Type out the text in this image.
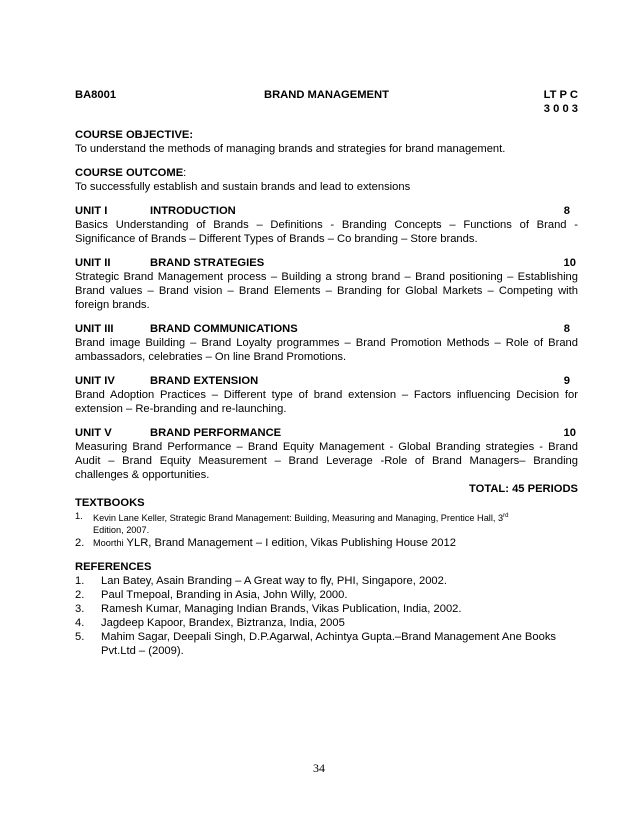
BA8001	BRAND MANAGEMENT	LT P C
3 0 0 3
COURSE OBJECTIVE:
To understand the methods of managing brands and strategies for brand management.
COURSE OUTCOME:
To successfully establish and sustain brands and lead to extensions
UNIT I	INTRODUCTION	8
Basics Understanding of Brands – Definitions - Branding Concepts – Functions of Brand - Significance of Brands – Different Types of Brands – Co branding – Store brands.
UNIT II	BRAND STRATEGIES	10
Strategic Brand Management process – Building a strong brand – Brand positioning – Establishing Brand values – Brand vision – Brand Elements – Branding for Global Markets – Competing with foreign brands.
UNIT III	BRAND COMMUNICATIONS	8
Brand image Building – Brand Loyalty programmes – Brand Promotion Methods – Role of Brand ambassadors, celebraties – On line Brand Promotions.
UNIT IV	BRAND EXTENSION	9
Brand Adoption Practices – Different type of brand extension – Factors influencing Decision for extension – Re-branding and re-launching.
UNIT V	BRAND PERFORMANCE	10
Measuring Brand Performance – Brand Equity Management - Global Branding strategies - Brand Audit – Brand Equity Measurement – Brand Leverage -Role of Brand Managers– Branding challenges & opportunities.
TOTAL: 45 PERIODS
TEXTBOOKS
1. Kevin Lane Keller, Strategic Brand Management: Building, Measuring and Managing, Prentice Hall, 3rd
Edition, 2007.
2. Moorthi YLR, Brand Management – I edition, Vikas Publishing House 2012
REFERENCES
1. Lan Batey, Asain Branding – A Great way to fly, PHI, Singapore, 2002.
2. Paul Tmepoal, Branding in Asia, John Willy, 2000.
3. Ramesh Kumar, Managing Indian Brands, Vikas Publication, India, 2002.
4. Jagdeep Kapoor, Brandex, Biztranza, India, 2005
5. Mahim Sagar, Deepali Singh, D.P.Agarwal, Achintya Gupta.–Brand Management Ane Books Pvt.Ltd – (2009).
34
